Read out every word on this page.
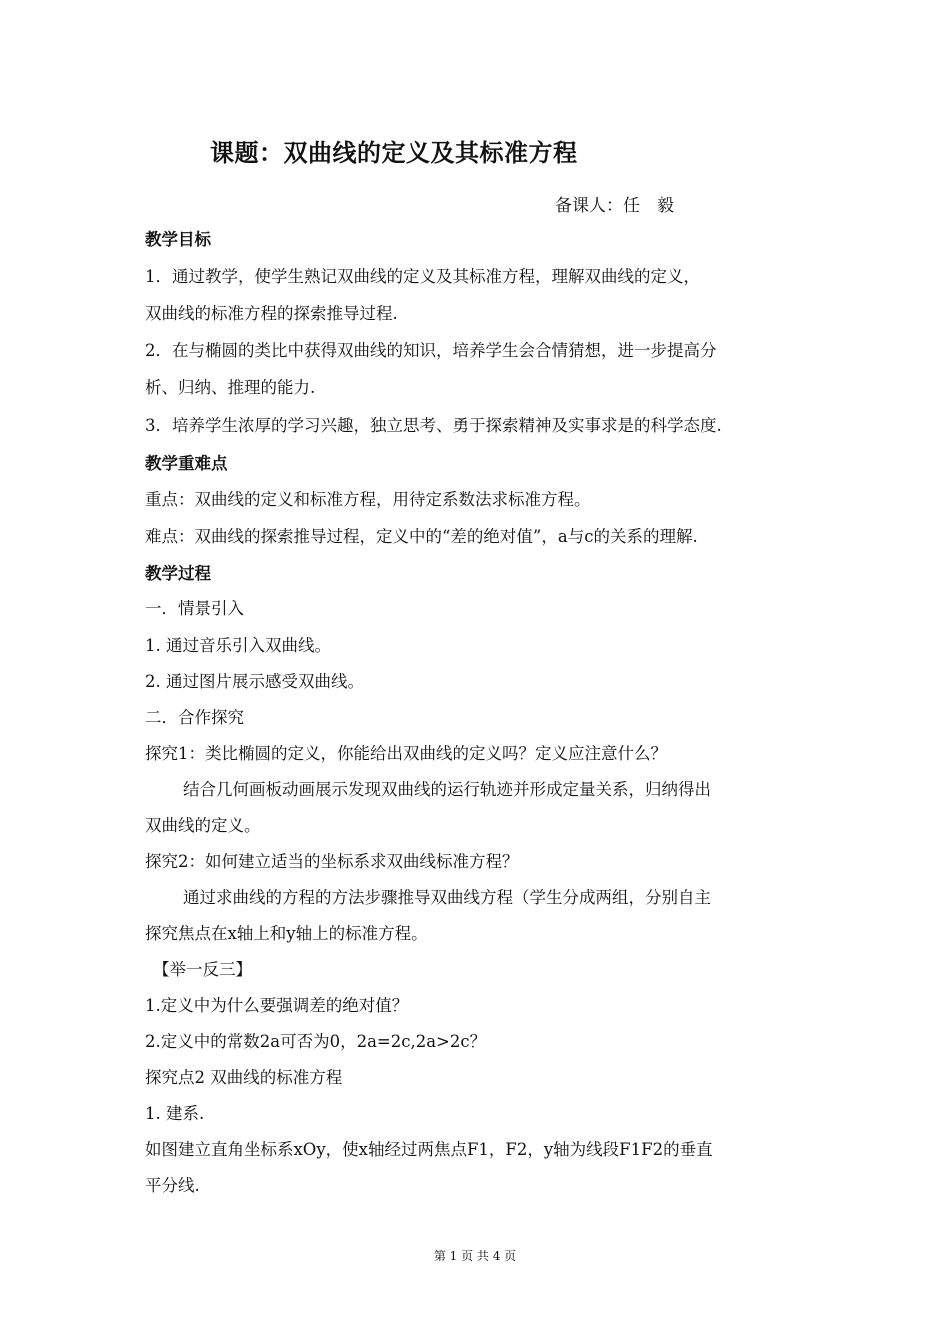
课题：双曲线的定义及其标准方程
备课人：任　毅
教学目标
1．通过教学，使学生熟记双曲线的定义及其标准方程，理解双曲线的定义，
双曲线的标准方程的探索推导过程.
2．在与椭圆的类比中获得双曲线的知识，培养学生会合情猜想，进一步提高分
析、归纳、推理的能力.
3．培养学生浓厚的学习兴趣，独立思考、勇于探索精神及实事求是的科学态度.
教学重难点
重点：双曲线的定义和标准方程，用待定系数法求标准方程。
难点：双曲线的探索推导过程，定义中的“差的绝对值”，a与c的关系的理解.
教学过程
一．情景引入
1. 通过音乐引入双曲线。
2. 通过图片展示感受双曲线。
二．合作探究
探究1：类比椭圆的定义，你能给出双曲线的定义吗？定义应注意什么？
结合几何画板动画展示发现双曲线的运行轨迹并形成定量关系，归纳得出
双曲线的定义。
探究2：如何建立适当的坐标系求双曲线标准方程？
通过求曲线的方程的方法步骤推导双曲线方程（学生分成两组，分别自主
探究焦点在x轴上和y轴上的标准方程。
【举一反三】
1.定义中为什么要强调差的绝对值？
2.定义中的常数2a可否为0，2a=2c,2a>2c？
探究点2 双曲线的标准方程
1. 建系.
如图建立直角坐标系xOy，使x轴经过两焦点F1，F2，y轴为线段F1F2的垂直
平分线.
第 1 页 共 4 页
